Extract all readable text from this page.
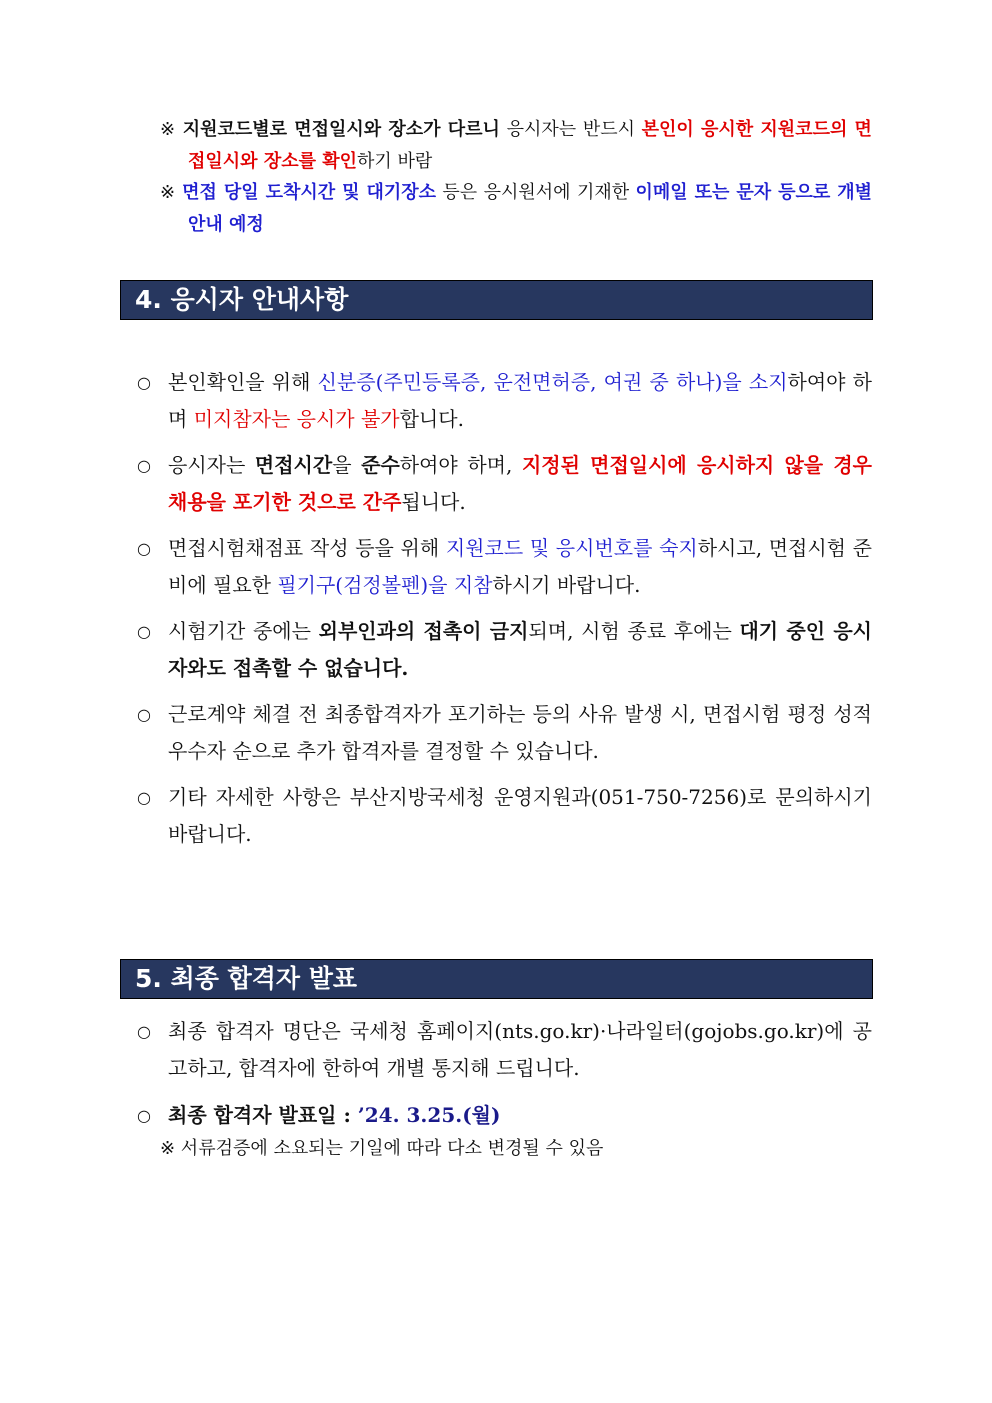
※ 지원코드별로 면접일시와 장소가 다르니 응시자는 반드시 본인이 응시한 지원코드의 면접일시와 장소를 확인하기 바람
※ 면접 당일 도착시간 및 대기장소 등은 응시원서에 기재한 이메일 또는 문자 등으로 개별 안내 예정
4. 응시자 안내사항
○ 본인확인을 위해 신분증(주민등록증, 운전면허증, 여권 중 하나)을 소지하여야 하며 미지참자는 응시가 불가합니다.
○ 응시자는 면접시간을 준수하여야 하며, 지정된 면접일시에 응시하지 않을 경우 채용을 포기한 것으로 간주됩니다.
○ 면접시험채점표 작성 등을 위해 지원코드 및 응시번호를 숙지하시고, 면접시험 준비에 필요한 필기구(검정볼펜)을 지참하시기 바랍니다.
○ 시험기간 중에는 외부인과의 접촉이 금지되며, 시험 종료 후에는 대기 중인 응시자와도 접촉할 수 없습니다.
○ 근로계약 체결 전 최종합격자가 포기하는 등의 사유 발생 시, 면접시험 평정 성적 우수자 순으로 추가 합격자를 결정할 수 있습니다.
○ 기타 자세한 사항은 부산지방국세청 운영지원과(051-750-7256)로 문의하시기 바랍니다.
5. 최종 합격자 발표
○ 최종 합격자 명단은 국세청 홈페이지(nts.go.kr)·나라일터(gojobs.go.kr)에 공고하고, 합격자에 한하여 개별 통지해 드립니다.
○ 최종 합격자 발표일 : ’24. 3.25.(월)
※ 서류검증에 소요되는 기일에 따라 다소 변경될 수 있음
